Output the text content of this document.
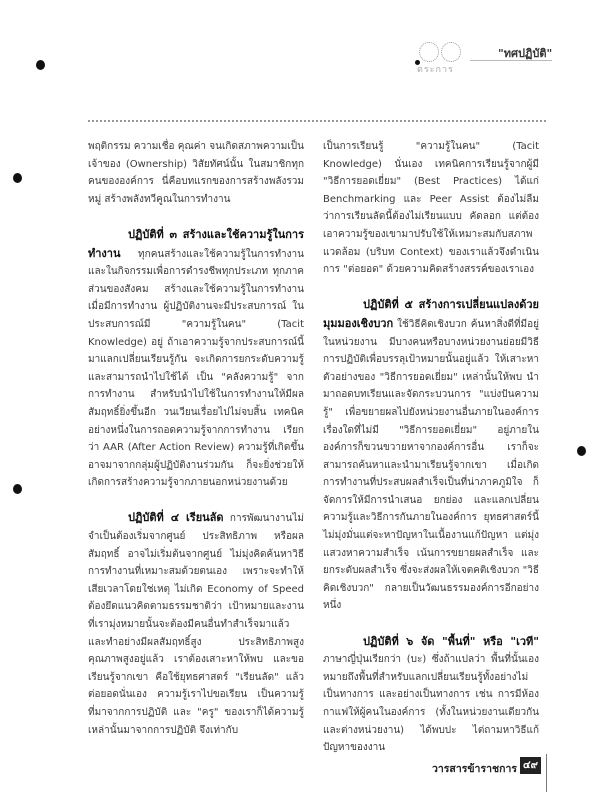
ตระการ
"ทศปฏิบัติ"

พฤติกรรม ความเชื่อ คุณค่า จนเกิดสภาพความเป็นเจ้าของ (Ownership) วิสัยทัศน์นั้น ในสมาชิกทุกคนขององค์การ นี่คือบทแรกของการสร้างพลังรวมหมู่ สร้างพลังทวีคูณในการทำงาน

ปฏิบัติที่ ๓ สร้างและใช้ความรู้ในการทำงาน ทุกคนสร้างและใช้ความรู้ในการทำงาน และในกิจกรรมเพื่อการดำรงชีพทุกประเภท ทุกภาคส่วนของสังคม สร้างและใช้ความรู้ในการทำงาน เมื่อมีการทำงาน ผู้ปฏิบัติงานจะมีประสบการณ์ ในประสบการณ์มี "ความรู้ในคน" (Tacit Knowledge) อยู่ ถ้าเอาความรู้จากประสบการณ์นี้มาแลกเปลี่ยนเรียนรู้กัน จะเกิดการยกระดับความรู้และสามารถนำไปใช้ได้ เป็น "คลังความรู้" จากการทำงาน สำหรับนำไปใช้ในการทำงานให้มีผลสัมฤทธิ์ยิ่งขึ้นอีก วนเวียนเรื่อยไปไม่จบสิ้น เทคนิคอย่างหนึ่งในการถอดความรู้จากการทำงาน เรียกว่า AAR (After Action Review) ความรู้ที่เกิดขึ้นอาจมาจากกลุ่มผู้ปฏิบัติงานร่วมกัน ก็จะยิ่งช่วยให้เกิดการสร้างความรู้จากภายนอกหน่วยงานด้วย

ปฏิบัติที่ ๔ เรียนลัด การพัฒนางานไม่จำเป็นต้องเริ่มจากศูนย์ ประสิทธิภาพ หรือผลสัมฤทธิ์ อาจไม่เริ่มต้นจากศูนย์ ไม่มุ่งคิดค้นหาวิธีการทำงานที่เหมาะสมด้วยตนเอง เพราะจะทำให้เสียเวลาโดยใช่เหตุ ไม่เกิด Economy of Speed ต้องยึดแนวคิดตามธรรมชาติว่า เป้าหมายและงานที่เรามุ่งหมายนั้นจะต้องมีคนอื่นทำสำเร็จมาแล้ว และทำอย่างมีผลสัมฤทธิ์สูง ประสิทธิภาพสูง คุณภาพสูงอยู่แล้ว เราต้องเสาะหาให้พบ และขอเรียนรู้จากเขา คือใช้ยุทธศาสตร์ "เรียนลัด" แล้วต่อยอดนั่นเอง ความรู้เราไปขอเรียน เป็นความรู้ที่มาจากการปฏิบัติ และ "ครู" ของเราก็ได้ความรู้เหล่านั้นมาจากการปฏิบัติ จึงเท่ากับ

เป็นการเรียนรู้ "ความรู้ในคน" (Tacit Knowledge) นั่นเอง เทคนิคการเรียนรู้จากผู้มี "วิธีการยอดเยี่ยม" (Best Practices) ได้แก่ Benchmarking และ Peer Assist ต้องไม่ลืมว่าการเรียนลัดนี้ต้องไม่เรียนแบบ คัดลอก แต่ต้องเอาความรู้ของเขามาปรับใช้ให้เหมาะสมกับสภาพแวดล้อม (บริบท Context) ของเราแล้วจึงดำเนินการ "ต่อยอด" ด้วยความคิดสร้างสรรค์ของเราเอง

ปฏิบัติที่ ๕ สร้างการเปลี่ยนแปลงด้วยมุมมองเชิงบวก ใช้วิธีคิดเชิงบวก ค้นหาสิ่งดีที่มีอยู่ในหน่วยงาน มีบางคนหรือบางหน่วยงานย่อยมีวิธีการปฏิบัติเพื่อบรรลุเป้าหมายนั้นอยู่แล้ว ให้เสาะหาตัวอย่างของ "วิธีการยอดเยี่ยม" เหล่านั้นให้พบ นำมาถอดบทเรียนและจัดกระบวนการ "แบ่งปันความรู้" เพื่อขยายผลไปยังหน่วยงานอื่นภายในองค์การ เรื่องใดที่ไม่มี "วิธีการยอดเยี่ยม" อยู่ภายในองค์การก็ขวนขวายหาจากองค์การอื่น เราก็จะสามารถค้นหาและนำมาเรียนรู้จากเขา เมื่อเกิดการทำงานที่ประสบผลสำเร็จเป็นที่น่าภาคภูมิใจ ก็จัดการให้มีการนำเสนอ ยกย่อง และแลกเปลี่ยนความรู้และวิธีการกันภายในองค์การ ยุทธศาสตร์นี้ไม่มุ่งมั่นแต่จะหาปัญหาในเนื้องานแก้ปัญหา แต่มุ่งแสวงหาความสำเร็จ เน้นการขยายผลสำเร็จ และยกระดับผลสำเร็จ ซึ่งจะส่งผลให้เจตคติเชิงบวก "วิธีคิดเชิงบวก" กลายเป็นวัฒนธรรมองค์การอีกอย่างหนึ่ง

ปฏิบัติที่ ๖ จัด "พื้นที่" หรือ "เวที" ภาษาญี่ปุ่นเรียกว่า (บะ) ซึ่งถ้าแปลว่า พื้นที่นั้นเองหมายถึงพื้นที่สำหรับแลกเปลี่ยนเรียนรู้ทั้งอย่างไม่เป็นทางการ และอย่างเป็นทางการ เช่น การมีห้องกาแฟให้ผู้คนในองค์การ (ทั้งในหน่วยงานเดียวกัน และต่างหน่วยงาน) ได้พบปะ ไต่ถามหาวิธีแก้ปัญหาของงาน

วารสารข้าราชการ ๔๙
